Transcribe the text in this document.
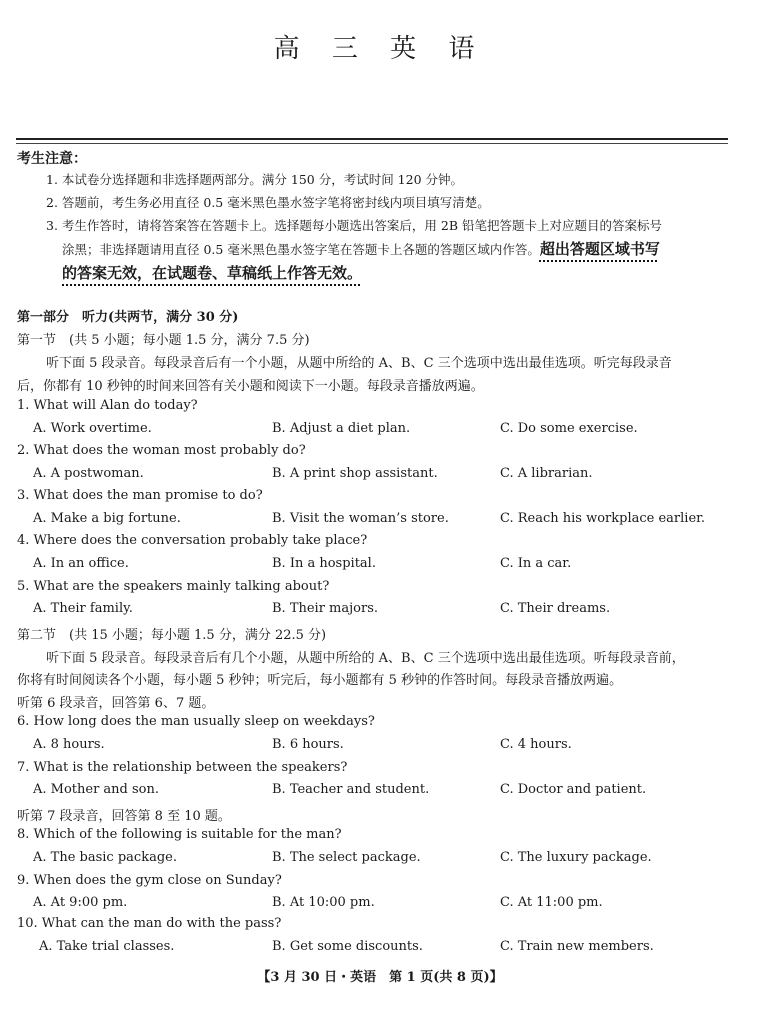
高 三 英 语
考生注意：
1. 本试卷分选择题和非选择题两部分。满分 150 分，考试时间 120 分钟。
2. 答题前，考生务必用直径 0.5 毫米黑色墨水签字笔将密封线内项目填写清楚。
3. 考生作答时，请将答案答在答题卡上。选择题每小题选出答案后，用 2B 铅笔把答题卡上对应题目的答案标号
涂黑；非选择题请用直径 0.5 毫米黑色墨水签字笔在答题卡上各题的答题区域内作答。超出答题区域书写
的答案无效，在试题卷、草稿纸上作答无效。
第一部分　听力(共两节，满分 30 分)
第一节　(共 5 小题；每小题 1.5 分，满分 7.5 分)
听下面 5 段录音。每段录音后有一个小题，从题中所给的 A、B、C 三个选项中选出最佳选项。听完每段录音
后，你都有 10 秒钟的时间来回答有关小题和阅读下一小题。每段录音播放两遍。
1. What will Alan do today?
A. Work overtime.	B. Adjust a diet plan.	C. Do some exercise.
2. What does the woman most probably do?
A. A postwoman.	B. A print shop assistant.	C. A librarian.
3. What does the man promise to do?
A. Make a big fortune.	B. Visit the woman’s store.	C. Reach his workplace earlier.
4. Where does the conversation probably take place?
A. In an office.	B. In a hospital.	C. In a car.
5. What are the speakers mainly talking about?
A. Their family.	B. Their majors.	C. Their dreams.
第二节　(共 15 小题；每小题 1.5 分，满分 22.5 分)
听下面 5 段录音。每段录音后有几个小题，从题中所给的 A、B、C 三个选项中选出最佳选项。听每段录音前，
你将有时间阅读各个小题，每小题 5 秒钟；听完后，每小题都有 5 秒钟的作答时间。每段录音播放两遍。
听第 6 段录音，回答第 6、7 题。
6. How long does the man usually sleep on weekdays?
A. 8 hours.	B. 6 hours.	C. 4 hours.
7. What is the relationship between the speakers?
A. Mother and son.	B. Teacher and student.	C. Doctor and patient.
听第 7 段录音，回答第 8 至 10 题。
8. Which of the following is suitable for the man?
A. The basic package.	B. The select package.	C. The luxury package.
9. When does the gym close on Sunday?
A. At 9:00 pm.	B. At 10:00 pm.	C. At 11:00 pm.
10. What can the man do with the pass?
A. Take trial classes.	B. Get some discounts.	C. Train new members.
【3 月 30 日・英语　第 1 页(共 8 页)】
